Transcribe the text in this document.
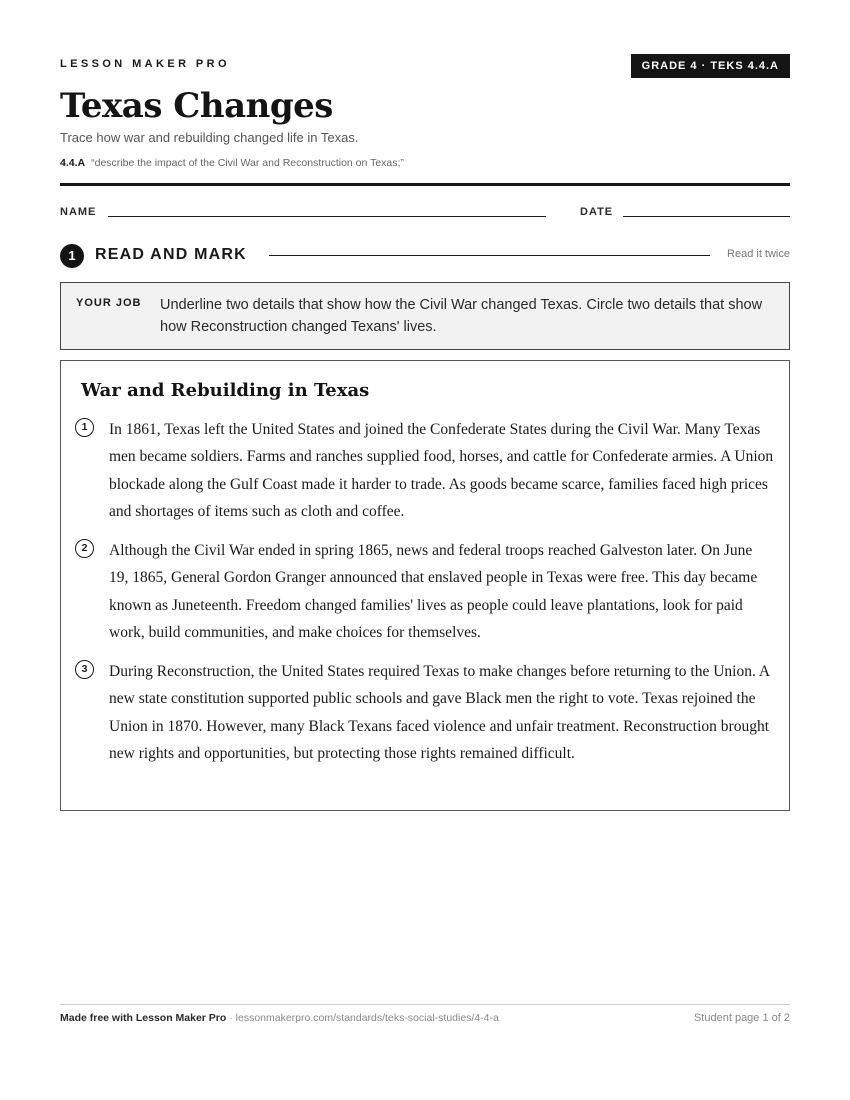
LESSON MAKER PRO	GRADE 4 · TEKS 4.4.A
Texas Changes
Trace how war and rebuilding changed life in Texas.
4.4.A “describe the impact of the Civil War and Reconstruction on Texas;”
NAME	DATE
1	READ AND MARK	Read it twice
YOUR JOB Underline two details that show how the Civil War changed Texas. Circle two details that show how Reconstruction changed Texans' lives.
War and Rebuilding in Texas
1	In 1861, Texas left the United States and joined the Confederate States during the Civil War. Many Texas men became soldiers. Farms and ranches supplied food, horses, and cattle for Confederate armies. A Union blockade along the Gulf Coast made it harder to trade. As goods became scarce, families faced high prices and shortages of items such as cloth and coffee.
2	Although the Civil War ended in spring 1865, news and federal troops reached Galveston later. On June 19, 1865, General Gordon Granger announced that enslaved people in Texas were free. This day became known as Juneteenth. Freedom changed families' lives as people could leave plantations, look for paid work, build communities, and make choices for themselves.
3	During Reconstruction, the United States required Texas to make changes before returning to the Union. A new state constitution supported public schools and gave Black men the right to vote. Texas rejoined the Union in 1870. However, many Black Texans faced violence and unfair treatment. Reconstruction brought new rights and opportunities, but protecting those rights remained difficult.
Made free with Lesson Maker Pro · lessonmakerpro.com/standards/teks-social-studies/4-4-a	Student page 1 of 2
